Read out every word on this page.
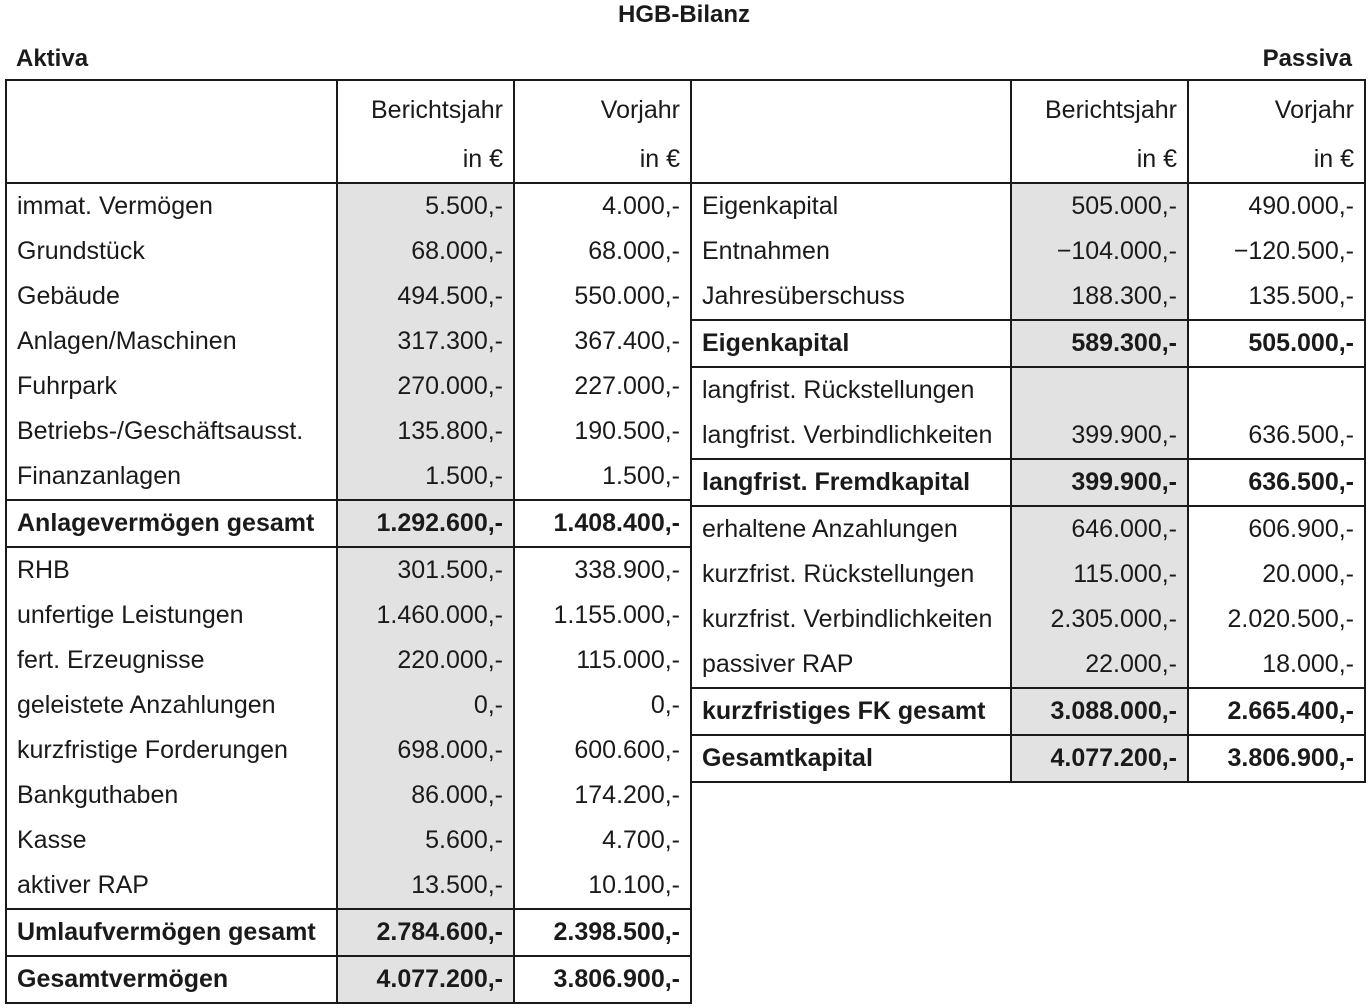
HGB-Bilanz
Aktiva	Passiva
	Berichtsjahr	Vorjahr
	in €	in €
immat. Vermögen	5.500,-	4.000,-
Grundstück	68.000,-	68.000,-
Gebäude	494.500,-	550.000,-
Anlagen/Maschinen	317.300,-	367.400,-
Fuhrpark	270.000,-	227.000,-
Betriebs-/Geschäftsausst.	135.800,-	190.500,-
Finanzanlagen	1.500,-	1.500,-
Anlagevermögen gesamt	1.292.600,-	1.408.400,-
RHB	301.500,-	338.900,-
unfertige Leistungen	1.460.000,-	1.155.000,-
fert. Erzeugnisse	220.000,-	115.000,-
geleistete Anzahlungen	0,-	0,-
kurzfristige Forderungen	698.000,-	600.600,-
Bankguthaben	86.000,-	174.200,-
Kasse	5.600,-	4.700,-
aktiver RAP	13.500,-	10.100,-
Umlaufvermögen gesamt	2.784.600,-	2.398.500,-
Gesamtvermögen	4.077.200,-	3.806.900,-
	Berichtsjahr	Vorjahr
	in €	in €
Eigenkapital	505.000,-	490.000,-
Entnahmen	−104.000,-	−120.500,-
Jahresüberschuss	188.300,-	135.500,-
Eigenkapital	589.300,-	505.000,-
langfrist. Rückstellungen		
langfrist. Verbindlichkeiten	399.900,-	636.500,-
langfrist. Fremdkapital	399.900,-	636.500,-
erhaltene Anzahlungen	646.000,-	606.900,-
kurzfrist. Rückstellungen	115.000,-	20.000,-
kurzfrist. Verbindlichkeiten	2.305.000,-	2.020.500,-
passiver RAP	22.000,-	18.000,-
kurzfristiges FK gesamt	3.088.000,-	2.665.400,-
Gesamtkapital	4.077.200,-	3.806.900,-
